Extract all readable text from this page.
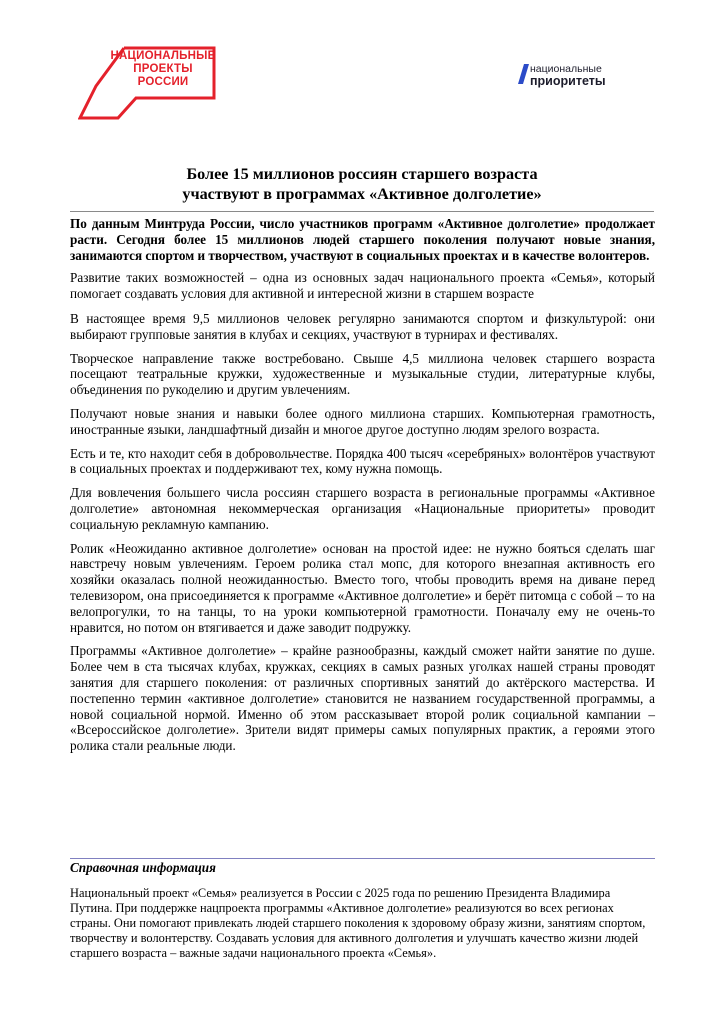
НАЦИОНАЛЬНЫЕ
ПРОЕКТЫ
РОССИИ
национальные
приоритеты
Более 15 миллионов россиян старшего возраста
участвуют в программах «Активное долголетие»

По данным Минтруда России, число участников программ «Активное долголетие» продолжает расти. Сегодня более 15 миллионов людей старшего поколения получают новые знания, занимаются спортом и творчеством, участвуют в социальных проектах и в качестве волонтеров.

Развитие таких возможностей – одна из основных задач национального проекта «Семья», который помогает создавать условия для активной и интересной жизни в старшем возрасте

В настоящее время 9,5 миллионов человек регулярно занимаются спортом и физкультурой: они выбирают групповые занятия в клубах и секциях, участвуют в турнирах и фестивалях.

Творческое направление также востребовано. Свыше 4,5 миллиона человек старшего возраста посещают театральные кружки, художественные и музыкальные студии, литературные клубы, объединения по рукоделию и другим увлечениям.

Получают новые знания и навыки более одного миллиона старших. Компьютерная грамотность, иностранные языки, ландшафтный дизайн и многое другое доступно людям зрелого возраста.

Есть и те, кто находит себя в добровольчестве. Порядка 400 тысяч «серебряных» волонтёров участвуют в социальных проектах и поддерживают тех, кому нужна помощь.

Для вовлечения большего числа россиян старшего возраста в региональные программы «Активное долголетие» автономная некоммерческая организация «Национальные приоритеты» проводит социальную рекламную кампанию.

Ролик «Неожиданно активное долголетие» основан на простой идее: не нужно бояться сделать шаг навстречу новым увлечениям. Героем ролика стал мопс, для которого внезапная активность его хозяйки оказалась полной неожиданностью. Вместо того, чтобы проводить время на диване перед телевизором, она присоединяется к программе «Активное долголетие» и берёт питомца с собой – то на велопрогулки, то на танцы, то на уроки компьютерной грамотности. Поначалу ему не очень-то нравится, но потом он втягивается и даже заводит подружку.

Программы «Активное долголетие» – крайне разнообразны, каждый сможет найти занятие по душе. Более чем в ста тысячах клубах, кружках, секциях в самых разных уголках нашей страны проводят занятия для старшего поколения: от различных спортивных занятий до актёрского мастерства. И постепенно термин «активное долголетие» становится не названием государственной программы, а новой социальной нормой. Именно об этом рассказывает второй ролик социальной кампании – «Всероссийское долголетие». Зрители видят примеры самых популярных практик, а героями этого ролика стали реальные люди.

Справочная информация

Национальный проект «Семья» реализуется в России с 2025 года по решению Президента Владимира Путина. При поддержке нацпроекта программы «Активное долголетие» реализуются во всех регионах страны. Они помогают привлекать людей старшего поколения к здоровому образу жизни, занятиям спортом, творчеству и волонтерству. Создавать условия для активного долголетия и улучшать качество жизни людей старшего возраста – важные задачи национального проекта «Семья».
